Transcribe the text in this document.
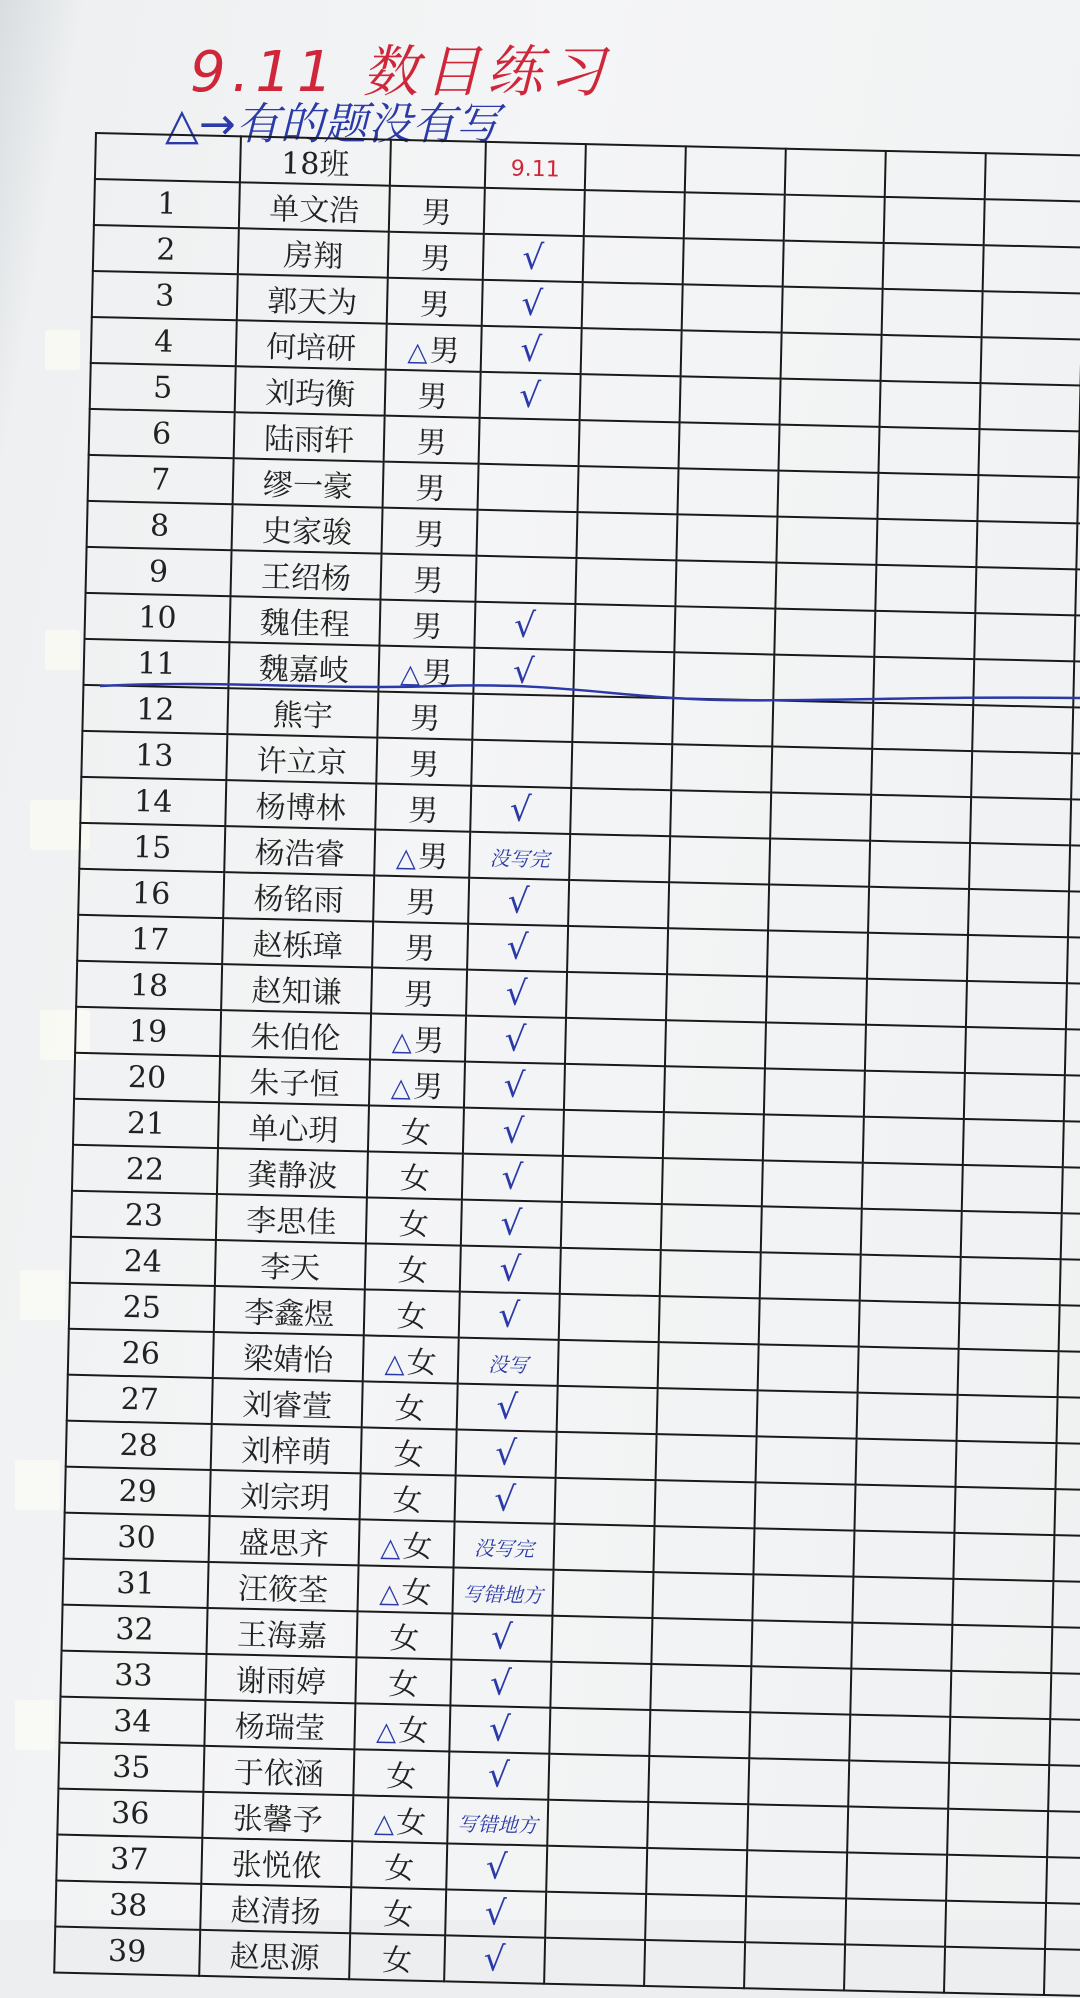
9.11 数目练习
△→有的题没有写
	18班		9.11						
1	单文浩	男							
2	房翔	男	√						
3	郭天为	男	√						
4	何培研	△男	√						
5	刘玙衡	男	√						
6	陆雨轩	男							
7	缪一豪	男							
8	史家骏	男							
9	王绍杨	男							
10	魏佳程	男	√						
11	魏嘉岐	△男	√						
12	熊宇	男							
13	许立京	男							
14	杨博林	男	√						
15	杨浩睿	△男	没写完						
16	杨铭雨	男	√						
17	赵栎璋	男	√						
18	赵知谦	男	√						
19	朱伯伦	△男	√						
20	朱子恒	△男	√						
21	单心玥	女	√						
22	龚静波	女	√						
23	李思佳	女	√						
24	李天	女	√						
25	李鑫煜	女	√						
26	梁婧怡	△女	没写						
27	刘睿萱	女	√						
28	刘梓萌	女	√						
29	刘宗玥	女	√						
30	盛思齐	△女	没写完						
31	汪筱荃	△女	写错地方						
32	王海嘉	女	√						
33	谢雨婷	女	√						
34	杨瑞莹	△女	√						
35	于依涵	女	√						
36	张馨予	△女	写错地方						
37	张悦侬	女	√						
38	赵清扬	女	√						
39	赵思源	女	√						
